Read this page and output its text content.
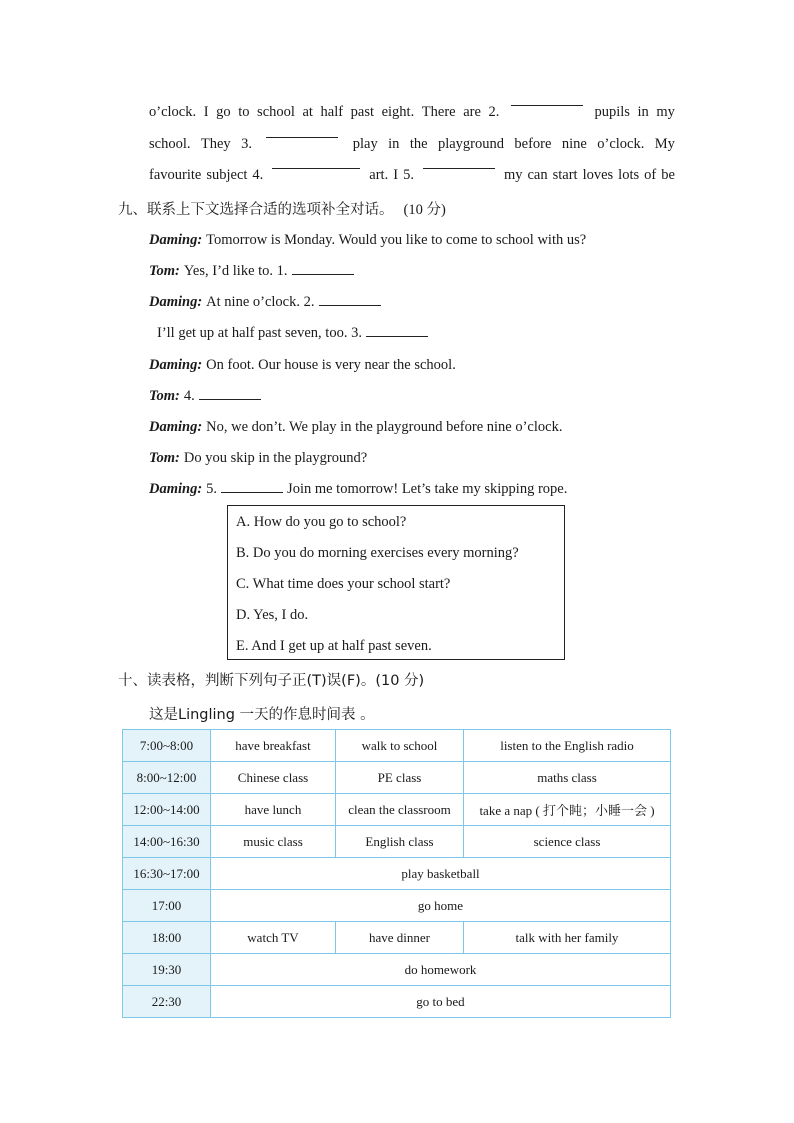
o’clock. I go to school at half past eight. There are 2.	pupils in my
school. They 3.	play in the playground before nine o’clock. My
favourite subject 4.	art. I 5.	my can start loves lots of be
九、联系上下文选择合适的选项补全对话。 (10 分)
Daming: Tomorrow is Monday. Would you like to come to school with us?
Tom: Yes, I’d like to. 1.
Daming: At nine o’clock. 2.
I’ll get up at half past seven, too. 3.
Daming: On foot. Our house is very near the school.
Tom: 4.
Daming: No, we don’t. We play in the playground before nine o’clock.
Tom: Do you skip in the playground?
Daming: 5.	Join me tomorrow! Let’s take my skipping rope.
A. How do you go to school?
B. Do you do morning exercises every morning?
C. What time does your school start?
D. Yes, I do.
E. And I get up at half past seven.
十、读表格，判断下列句子正(T)误(F)。(10 分)
这是Lingling 一天的作息时间表 。
7:00~8:00	have breakfast	walk to school	listen to the English radio
8:00~12:00	Chinese class	PE class	maths class
12:00~14:00	have lunch	clean the classroom	take a nap ( 打个盹；小睡一会 )
14:00~16:30	music class	English class	science class
16:30~17:00	play basketball		
17:00	go home		
18:00	watch TV	have dinner	talk with her family
19:30	do homework		
22:30	go to bed		
